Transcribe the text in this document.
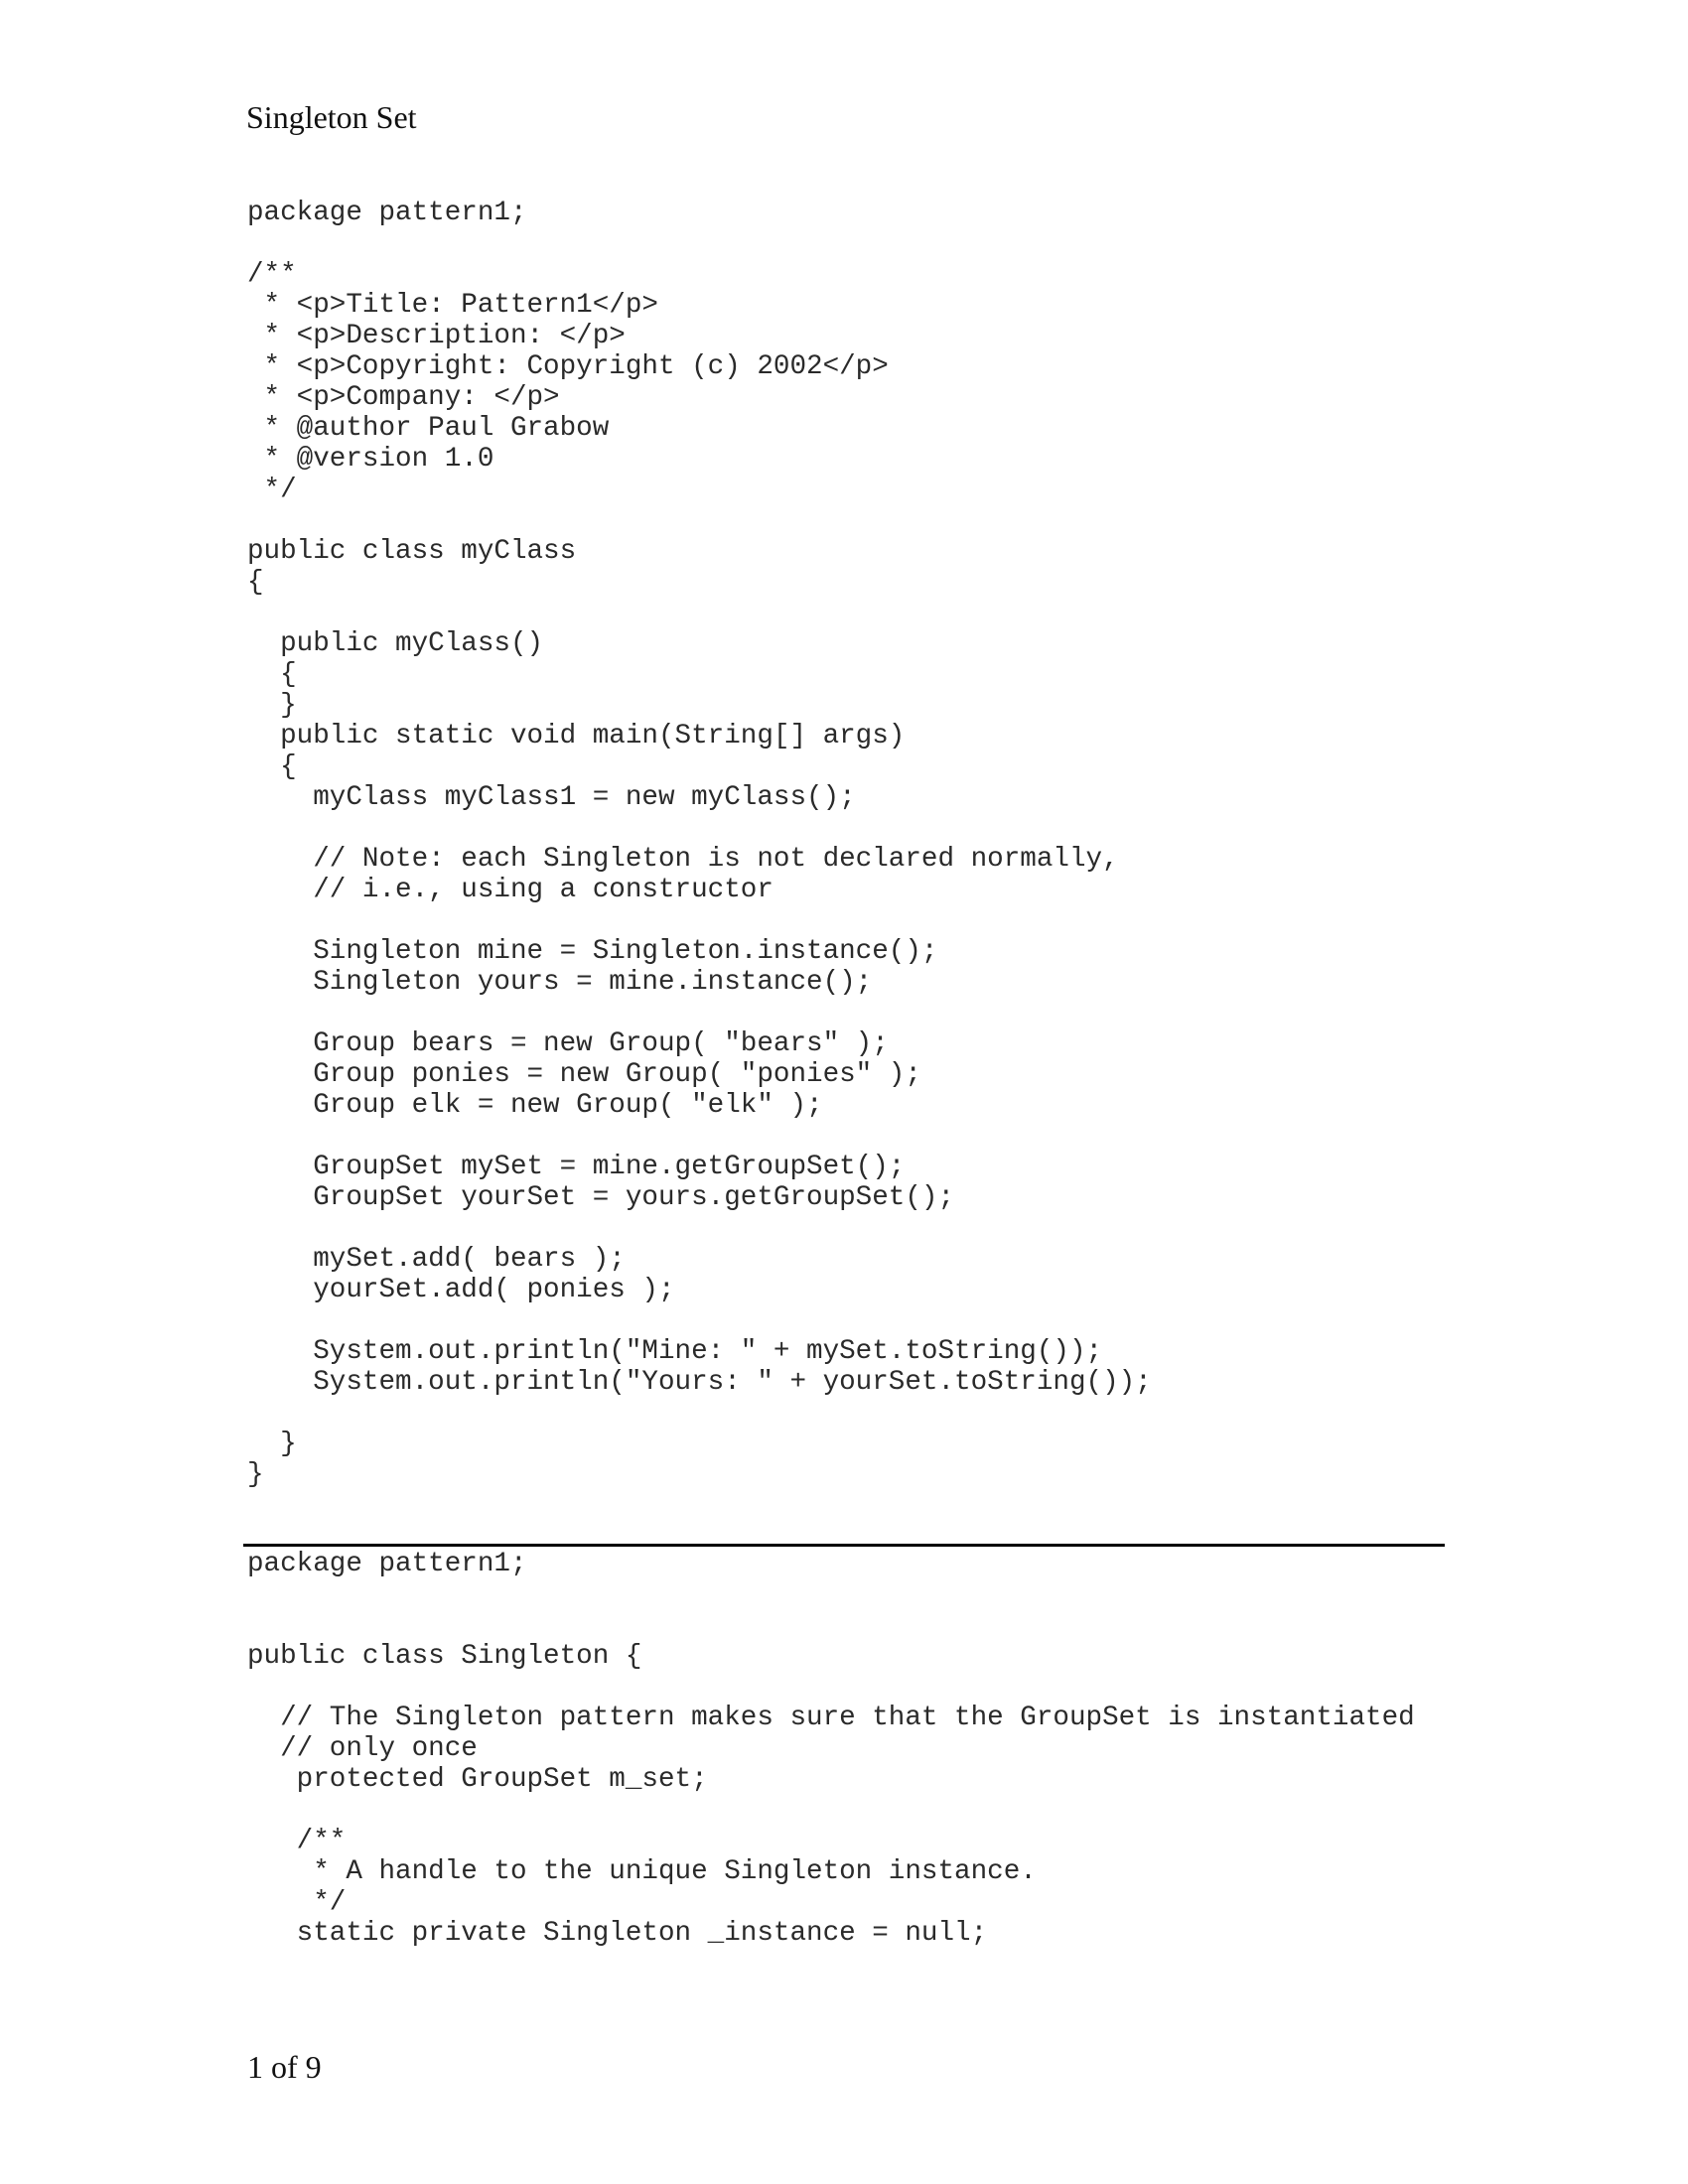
Singleton Set
package pattern1;
/**
* <p>Title: Pattern1</p>
* <p>Description: </p>
* <p>Copyright: Copyright (c) 2002</p>
* <p>Company: </p>
* @author Paul Grabow
* @version 1.0
*/
public class myClass
{
public myClass()
{
}
public static void main(String[] args)
{
myClass myClass1 = new myClass();
// Note: each Singleton is not declared normally,
// i.e., using a constructor
Singleton mine = Singleton.instance();
Singleton yours = mine.instance();
Group bears = new Group( "bears" );
Group ponies = new Group( "ponies" );
Group elk = new Group( "elk" );
GroupSet mySet = mine.getGroupSet();
GroupSet yourSet = yours.getGroupSet();
mySet.add( bears );
yourSet.add( ponies );
System.out.println("Mine: " + mySet.toString());
System.out.println("Yours: " + yourSet.toString());
}
}
package pattern1;
public class Singleton {
// The Singleton pattern makes sure that the GroupSet is instantiated
// only once
protected GroupSet m_set;
/**
* A handle to the unique Singleton instance.
*/
static private Singleton _instance = null;
1 of 9
